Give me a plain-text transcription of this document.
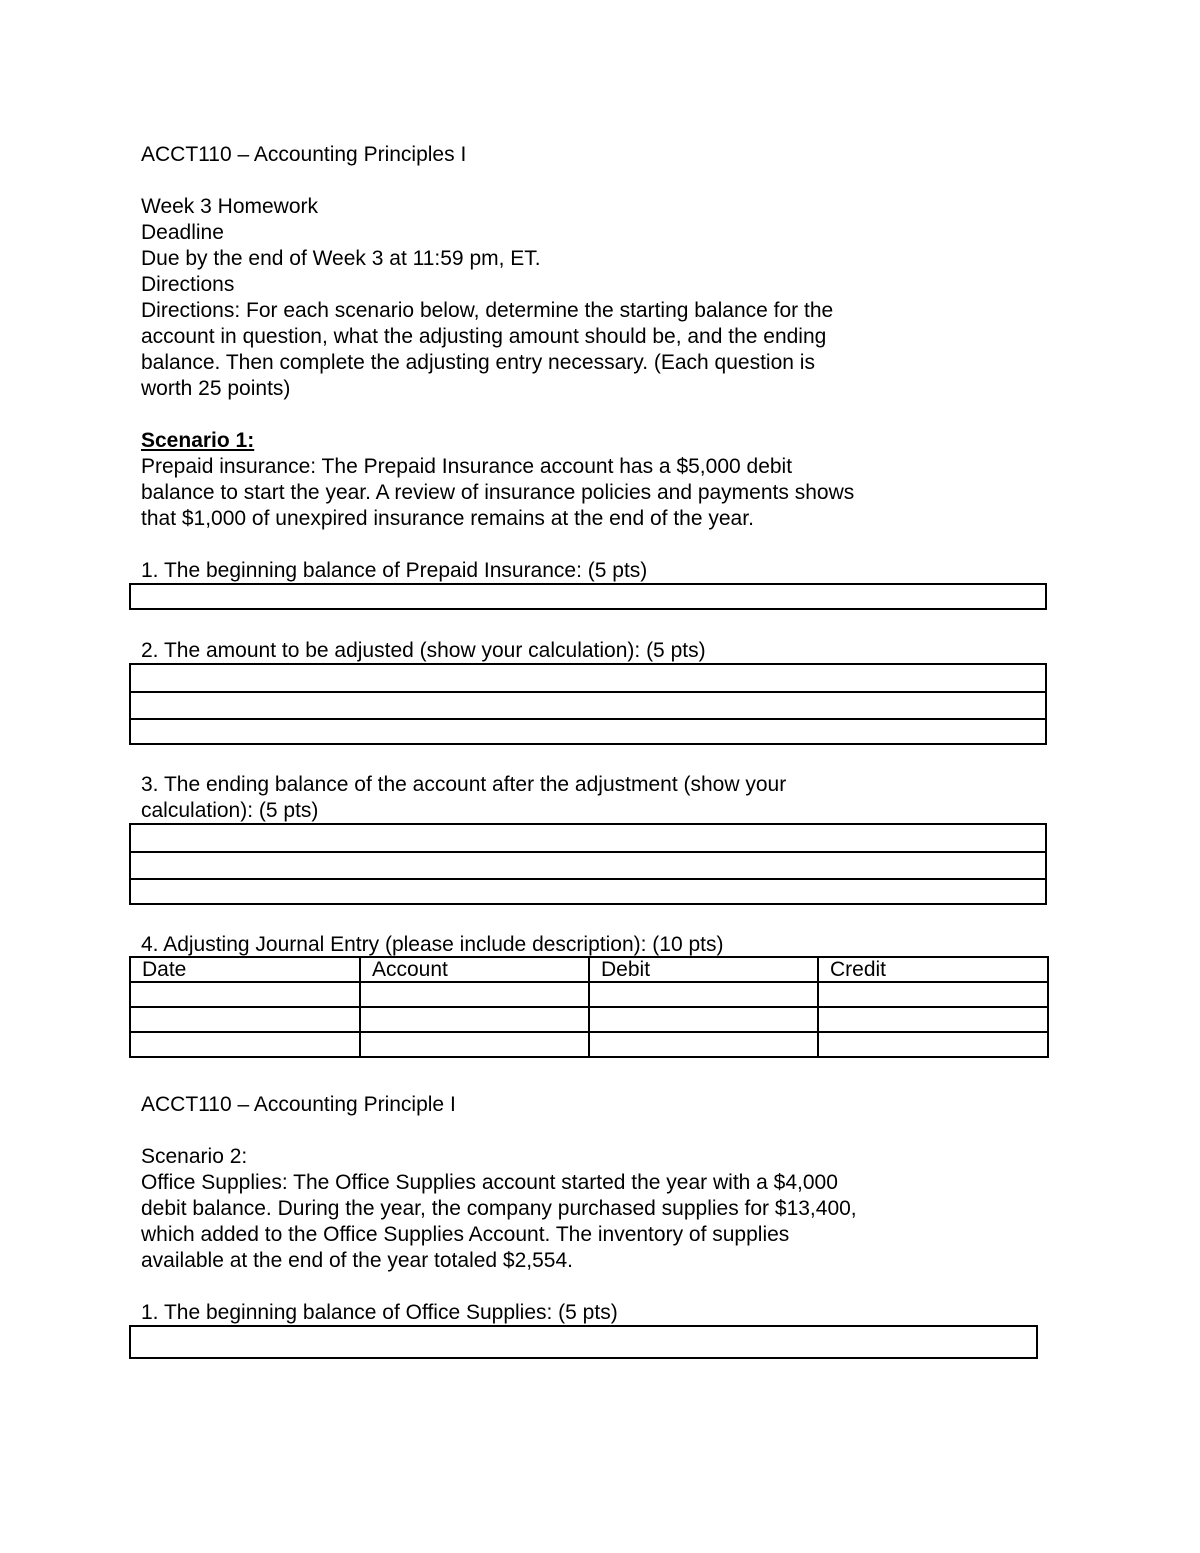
ACCT110 – Accounting Principles I
Week 3 Homework
Deadline
Due by the end of Week 3 at 11:59 pm, ET.
Directions
Directions: For each scenario below, determine the starting balance for the
account in question, what the adjusting amount should be, and the ending
balance. Then complete the adjusting entry necessary. (Each question is
worth 25 points)
Scenario 1:
Prepaid insurance: The Prepaid Insurance account has a $5,000 debit
balance to start the year. A review of insurance policies and payments shows
that $1,000 of unexpired insurance remains at the end of the year.
1. The beginning balance of Prepaid Insurance: (5 pts)
2. The amount to be adjusted (show your calculation): (5 pts)
3. The ending balance of the account after the adjustment (show your
calculation): (5 pts)
4. Adjusting Journal Entry (please include description): (10 pts)
Date	Account	Debit	Credit

ACCT110 – Accounting Principle I
Scenario 2:
Office Supplies: The Office Supplies account started the year with a $4,000
debit balance. During the year, the company purchased supplies for $13,400,
which added to the Office Supplies Account. The inventory of supplies
available at the end of the year totaled $2,554.
1. The beginning balance of Office Supplies: (5 pts)
